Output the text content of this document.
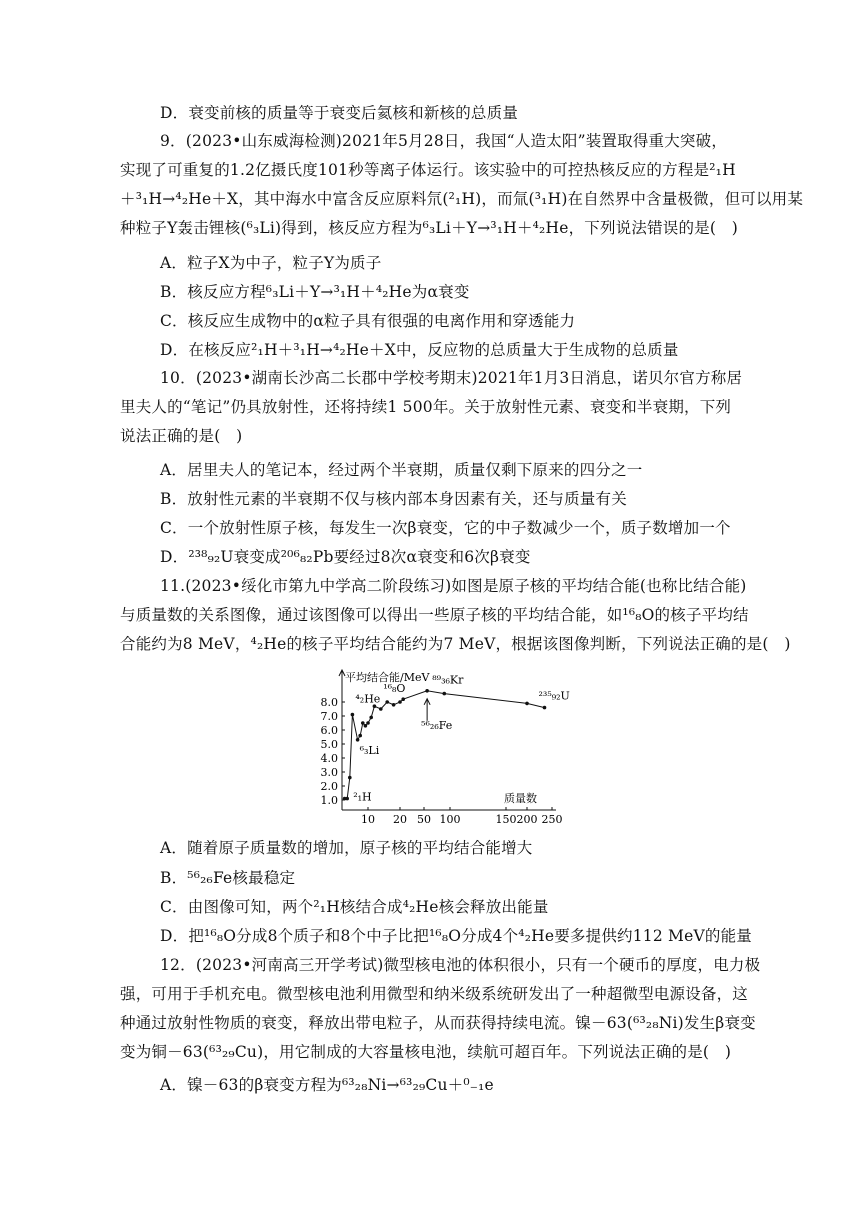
D．衰变前核的质量等于衰变后氦核和新核的总质量
9．(2023•山东威海检测)2021年5月28日，我国“人造太阳”装置取得重大突破，
实现了可重复的1.2亿摄氏度101秒等离子体运行。该实验中的可控热核反应的方程是²₁H
＋³₁H→⁴₂He＋X，其中海水中富含反应原料氘(²₁H)，而氚(³₁H)在自然界中含量极微，但可以用某
种粒子Y轰击锂核(⁶₃Li)得到，核反应方程为⁶₃Li＋Y→³₁H＋⁴₂He，下列说法错误的是(　)
A．粒子X为中子，粒子Y为质子
B．核反应方程⁶₃Li＋Y→³₁H＋⁴₂He为α衰变
C．核反应生成物中的α粒子具有很强的电离作用和穿透能力
D．在核反应²₁H＋³₁H→⁴₂He＋X中，反应物的总质量大于生成物的总质量
10．(2023•湖南长沙高二长郡中学校考期末)2021年1月3日消息，诺贝尔官方称居
里夫人的“笔记”仍具放射性，还将持续1 500年。关于放射性元素、衰变和半衰期，下列
说法正确的是(　)
A．居里夫人的笔记本，经过两个半衰期，质量仅剩下原来的四分之一
B．放射性元素的半衰期不仅与核内部本身因素有关，还与质量有关
C．一个放射性原子核，每发生一次β衰变，它的中子数减少一个，质子数增加一个
D．²³⁸₉₂U衰变成²⁰⁶₈₂Pb要经过8次α衰变和6次β衰变
11.(2023•绥化市第九中学高二阶段练习)如图是原子核的平均结合能(也称比结合能)
与质量数的关系图像，通过该图像可以得出一些原子核的平均结合能，如¹⁶₈O的核子平均结
合能约为8 MeV，⁴₂He的核子平均结合能约为7 MeV，根据该图像判断，下列说法正确的是(　)
平均结合能/MeV
质量数
1.0
2.0
3.0
4.0
5.0
6.0
7.0
8.0
10 20 50 100	150 200 250
²₁H
⁴₂He
⁶₃Li
¹⁶₈O
⁵⁶₂₆Fe
⁸⁹₃₆Kr
²³⁵₉₂U
A．随着原子质量数的增加，原子核的平均结合能增大
B．⁵⁶₂₆Fe核最稳定
C．由图像可知，两个²₁H核结合成⁴₂He核会释放出能量
D．把¹⁶₈O分成8个质子和8个中子比把¹⁶₈O分成4个⁴₂He要多提供约112 MeV的能量
12．(2023•河南高三开学考试)微型核电池的体积很小，只有一个硬币的厚度，电力极
强，可用于手机充电。微型核电池利用微型和纳米级系统研发出了一种超微型电源设备，这
种通过放射性物质的衰变，释放出带电粒子，从而获得持续电流。镍－63(⁶³₂₈Ni)发生β衰变
变为铜－63(⁶³₂₉Cu)，用它制成的大容量核电池，续航可超百年。下列说法正确的是(　)
A．镍－63的β衰变方程为⁶³₂₈Ni→⁶³₂₉Cu＋⁰₋₁e
